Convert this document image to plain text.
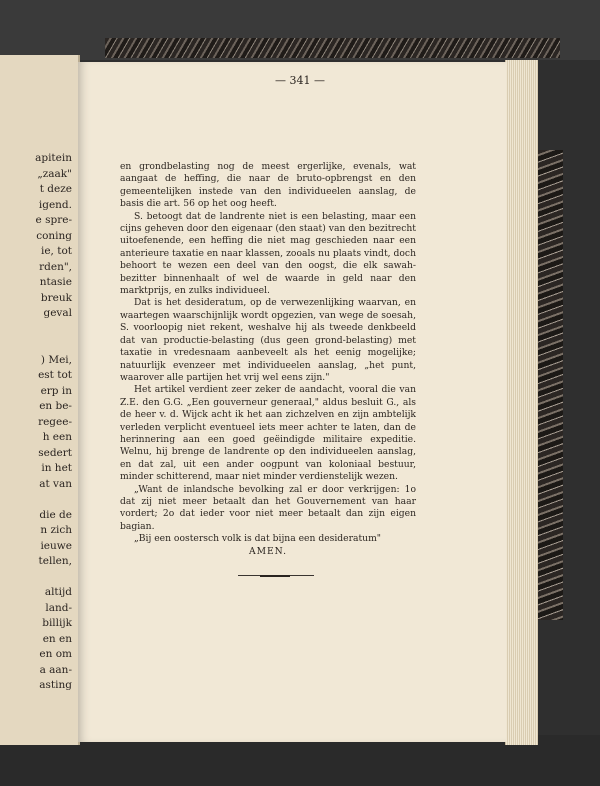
apitein
„zaak"
t deze
igend.
e spre-
coning
ie, tot
rden",
ntasie
breuk
geval
) Mei,
est tot
erp in
en be-
regee-
h een
sedert
in het
at van
die de
n zich
ieuwe
tellen,
altijd
land-
billijk
en en
en om
a aan-
asting
— 341 —

en grondbelasting nog de meest ergerlijke, evenals, wat aangaat de heffing, die naar de bruto-opbrengst en den gemeentelijken instede van den individueelen aanslag, de basis die art. 56 op het oog heeft.

S. betoogt dat de landrente niet is een belasting, maar een cijns geheven door den eigenaar (den staat) van den bezitrecht uitoefenende, een heffing die niet mag geschieden naar een anterieure taxatie en naar klassen, zooals nu plaats vindt, doch behoort te wezen een deel van den oogst, die elk sawah-bezitter binnenhaalt of wel de waarde in geld naar den marktprijs, en zulks individueel.

Dat is het desideratum, op de verwezenlijking waarvan, en waartegen waarschijnlijk wordt opgezien, van wege de soesah, S. voorloopig niet rekent, weshalve hij als tweede denkbeeld dat van productie-belasting (dus geen grond-belasting) met taxatie in vredesnaam aanbeveelt als het eenig mogelijke; natuurlijk evenzeer met individueelen aanslag, „het punt, waarover alle partijen het vrij wel eens zijn."

Het artikel verdient zeer zeker de aandacht, vooral die van Z.E. den G.G. „Een gouverneur generaal," aldus besluit G., als de heer v. d. Wijck acht ik het aan zichzelven en zijn ambtelijk verleden verplicht eventueel iets meer achter te laten, dan de herinnering aan een goed geëindigde militaire expeditie. Welnu, hij brenge de landrente op den individueelen aanslag, en dat zal, uit een ander oogpunt van koloniaal bestuur, minder schitterend, maar niet minder verdienstelijk wezen.

„Want de inlandsche bevolking zal er door verkrijgen: 1o dat zij niet meer betaalt dan het Gouvernement van haar vordert; 2o dat ieder voor niet meer betaalt dan zijn eigen bagian.

„Bij een oostersch volk is dat bijna een desideratum"

AMEN.
